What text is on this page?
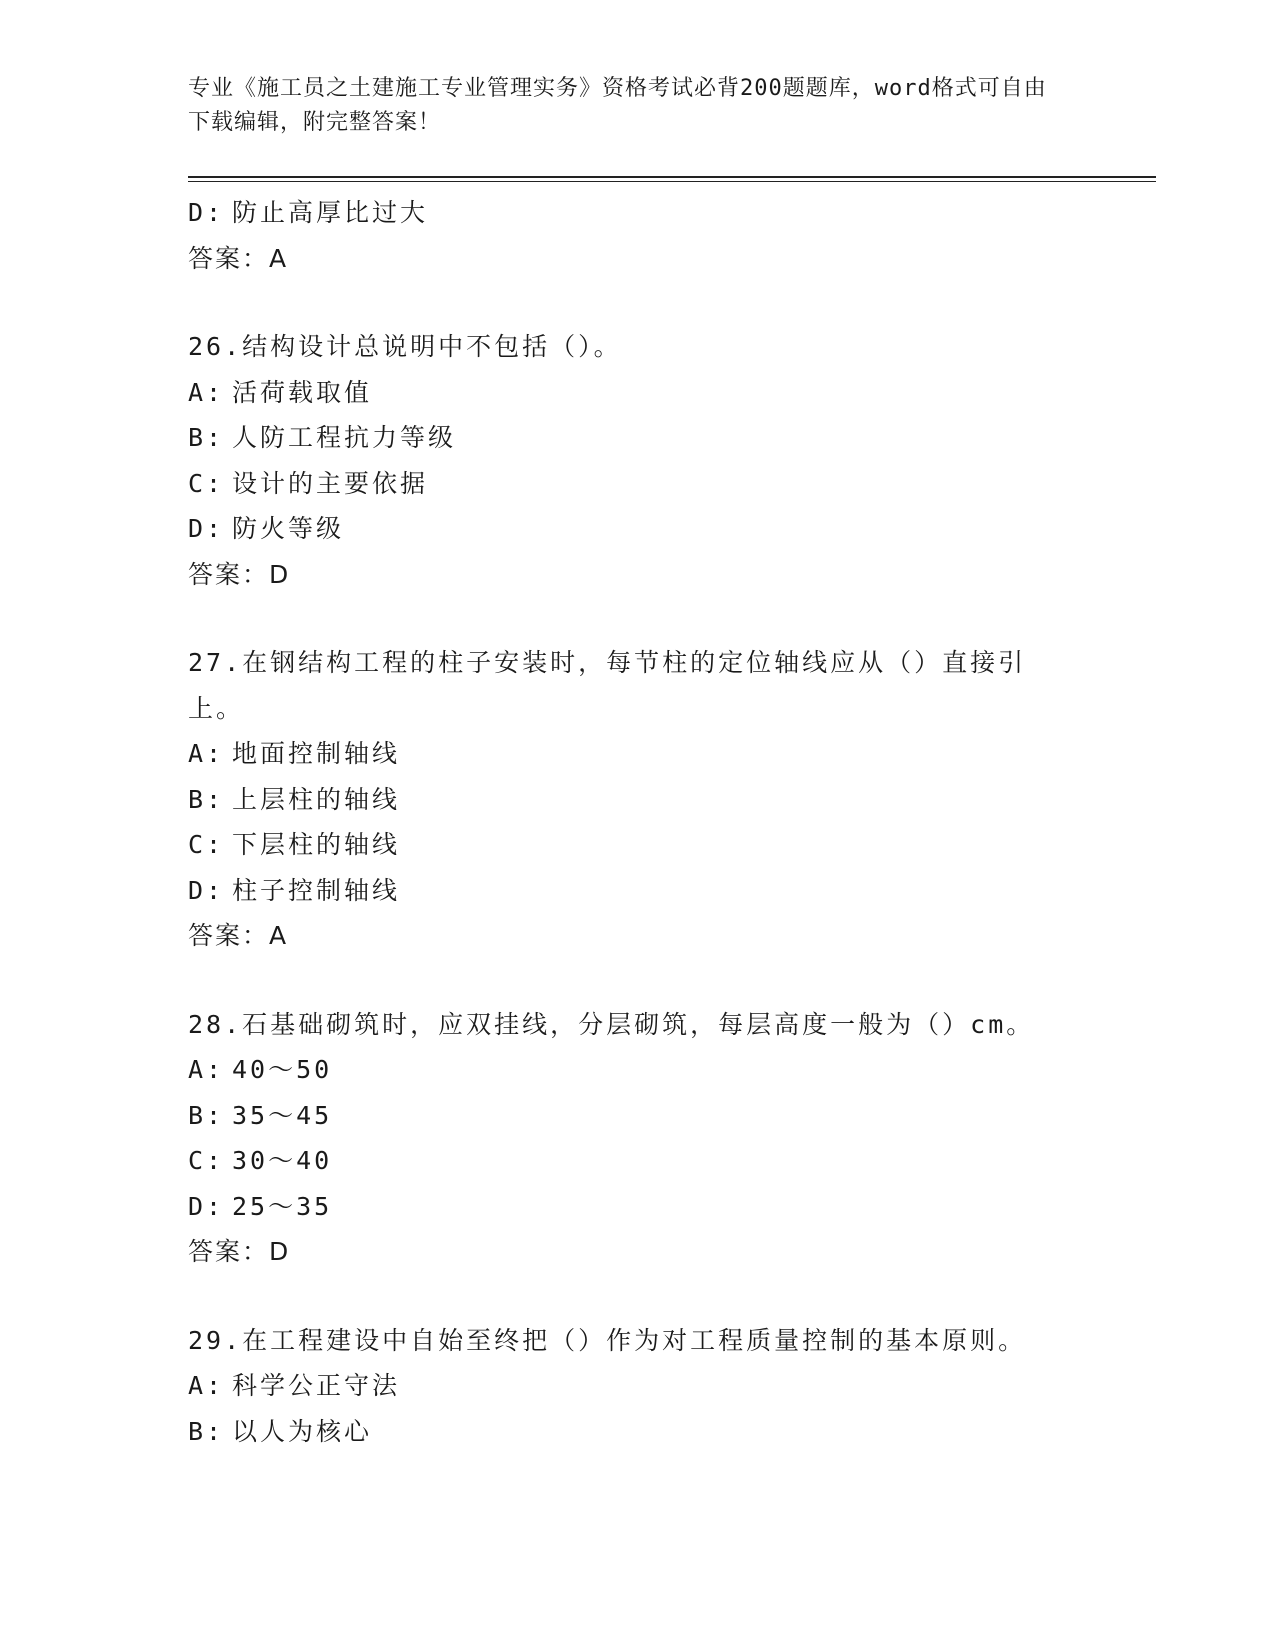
专业《施工员之土建施工专业管理实务》资格考试必背200题题库，word格式可自由下载编辑，附完整答案！
D: 防止高厚比过大
答案：A
26.结构设计总说明中不包括（）。
A: 活荷载取值
B: 人防工程抗力等级
C: 设计的主要依据
D: 防火等级
答案：D
27.在钢结构工程的柱子安装时，每节柱的定位轴线应从（）直接引上。
A: 地面控制轴线
B: 上层柱的轴线
C: 下层柱的轴线
D: 柱子控制轴线
答案：A
28.石基础砌筑时，应双挂线，分层砌筑，每层高度一般为（）cm。
A: 40～50
B: 35～45
C: 30～40
D: 25～35
答案：D
29.在工程建设中自始至终把（）作为对工程质量控制的基本原则。
A: 科学公正守法
B: 以人为核心
